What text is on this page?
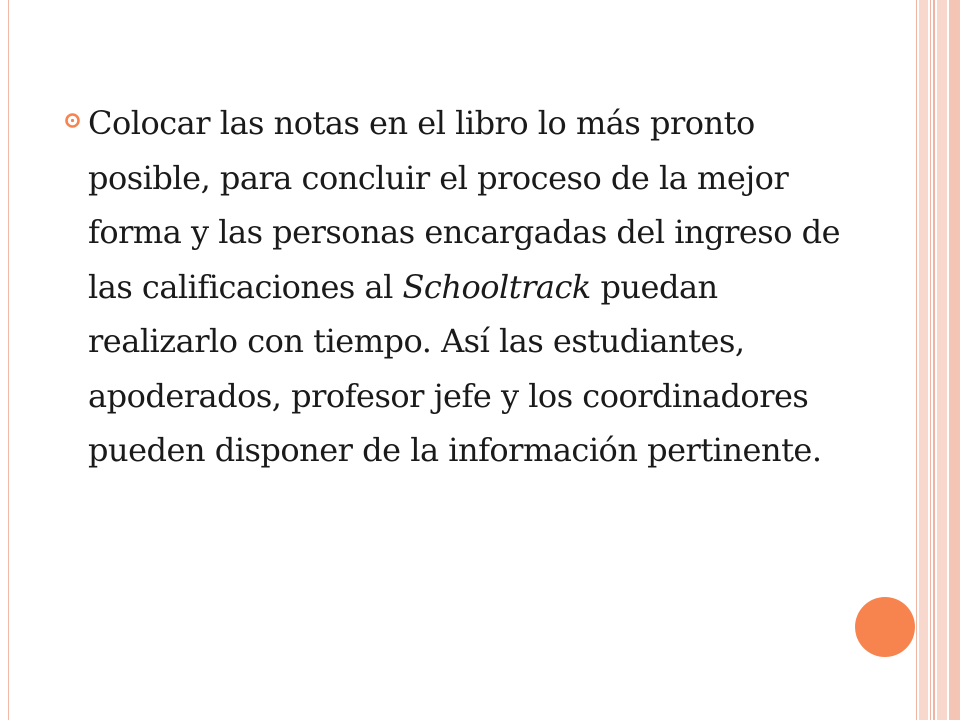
Colocar las notas en el libro lo más pronto posible, para concluir el proceso de la mejor forma y las personas encargadas del ingreso de las calificaciones al Schooltrack puedan realizarlo con tiempo. Así las estudiantes, apoderados, profesor jefe y los coordinadores pueden disponer de la información pertinente.
